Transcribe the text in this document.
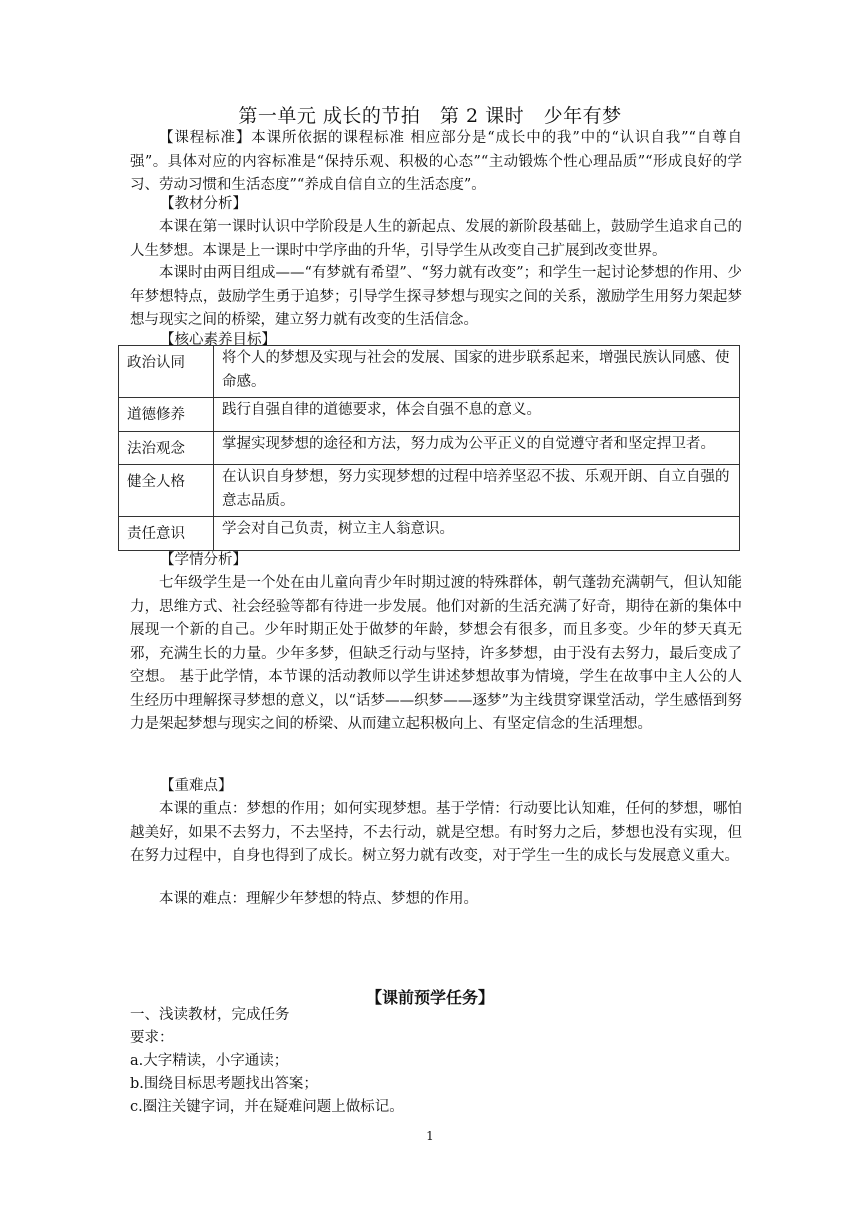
第一单元 成长的节拍　第 2 课时　少年有梦

【课程标准】本课所依据的课程标准 相应部分是“成长中的我”中的“认识自我”“自尊自强”。具体对应的内容标准是“保持乐观、积极的心态”“主动锻炼个性心理品质”“形成良好的学习、劳动习惯和生活态度”“养成自信自立的生活态度”。

【教材分析】

本课在第一课时认识中学阶段是人生的新起点、发展的新阶段基础上，鼓励学生追求自己的人生梦想。本课是上一课时中学序曲的升华，引导学生从改变自己扩展到改变世界。

本课时由两目组成——“有梦就有希望”、“努力就有改变”；和学生一起讨论梦想的作用、少年梦想特点，鼓励学生勇于追梦；引导学生探寻梦想与现实之间的关系，激励学生用努力架起梦想与现实之间的桥梁，建立努力就有改变的生活信念。

【核心素养目标】

政治认同	将个人的梦想及实现与社会的发展、国家的进步联系起来，增强民族认同感、使命感。
道德修养	践行自强自律的道德要求，体会自强不息的意义。
法治观念	掌握实现梦想的途径和方法，努力成为公平正义的自觉遵守者和坚定捍卫者。
健全人格	在认识自身梦想，努力实现梦想的过程中培养坚忍不拔、乐观开朗、自立自强的意志品质。
责任意识	学会对自己负责，树立主人翁意识。

【学情分析】

七年级学生是一个处在由儿童向青少年时期过渡的特殊群体，朝气蓬勃充满朝气，但认知能力，思维方式、社会经验等都有待进一步发展。他们对新的生活充满了好奇，期待在新的集体中展现一个新的自己。少年时期正处于做梦的年龄，梦想会有很多，而且多变。少年的梦天真无邪，充满生长的力量。少年多梦，但缺乏行动与坚持，许多梦想，由于没有去努力，最后变成了空想。 基于此学情，本节课的活动教师以学生讲述梦想故事为情境，学生在故事中主人公的人生经历中理解探寻梦想的意义，以“话梦——织梦——逐梦”为主线贯穿课堂活动，学生感悟到努力是架起梦想与现实之间的桥梁、从而建立起积极向上、有坚定信念的生活理想。

【重难点】

本课的重点：梦想的作用；如何实现梦想。基于学情：行动要比认知难，任何的梦想，哪怕越美好，如果不去努力，不去坚持，不去行动，就是空想。有时努力之后，梦想也没有实现，但在努力过程中，自身也得到了成长。树立努力就有改变，对于学生一生的成长与发展意义重大。

本课的难点：理解少年梦想的特点、梦想的作用。

【课前预学任务】

一、浅读教材，完成任务

要求：

a.大字精读，小字通读；

b.围绕目标思考题找出答案；

c.圈注关键字词，并在疑难问题上做标记。

1
